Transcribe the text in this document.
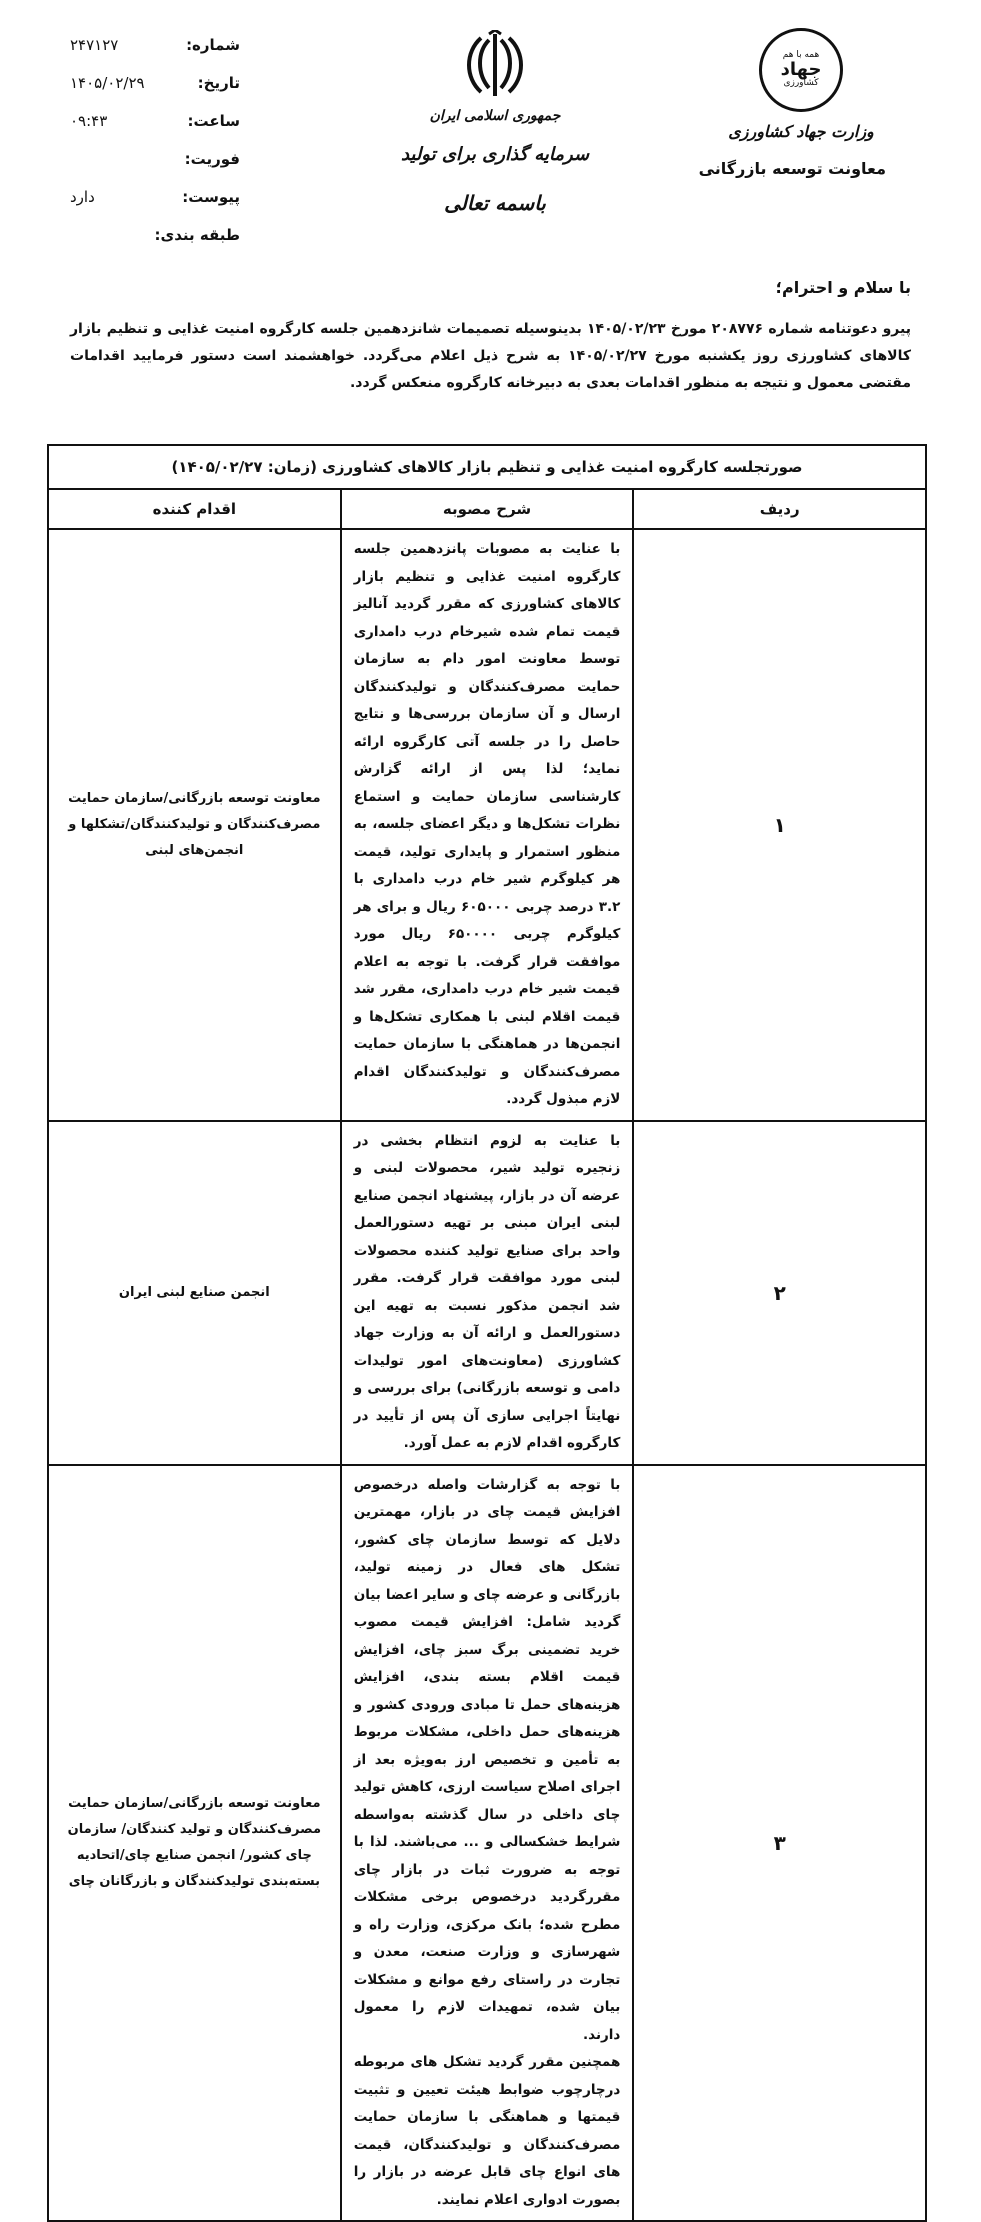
همه با هم
جهاد
کشاورزی
وزارت جهاد کشاورزی
معاونت توسعه بازرگانی
جمهوری اسلامی ایران
سرمایه گذاری برای تولید
باسمه تعالی
شماره:
۲۴۷۱۲۷
تاریخ:
۱۴۰۵/۰۲/۲۹
ساعت:
۰۹:۴۳
فوریت:
پیوست:
دارد
طبقه بندی:
با سلام و احترام؛
پیرو دعوتنامه شماره ۲۰۸۷۷۶ مورخ ۱۴۰۵/۰۲/۲۳ بدینوسیله تصمیمات شانزدهمین جلسه کارگروه امنیت غذایی و تنظیم بازار کالاهای کشاورزی روز یکشنبه مورخ ۱۴۰۵/۰۲/۲۷ به شرح ذیل اعلام می‌گردد. خواهشمند است دستور فرمایید اقدامات مقتضی معمول و نتیجه به منظور اقدامات بعدی به دبیرخانه کارگروه منعکس گردد.
صورتجلسه کارگروه امنیت غذایی و تنظیم بازار کالاهای کشاورزی (زمان: ۱۴۰۵/۰۲/۲۷)		
ردیف	شرح مصوبه	اقدام کننده
۱	با عنایت به مصوبات پانزدهمین جلسه کارگروه امنیت غذایی و تنظیم بازار کالاهای کشاورزی که مقرر گردید آنالیز قیمت تمام شده شیرخام درب دامداری توسط معاونت امور دام به سازمان حمایت مصرف‌کنندگان و تولیدکنندگان ارسال و آن سازمان بررسی‌ها و نتایج حاصل را در جلسه آتی کارگروه ارائه نماید؛ لذا پس از ارائه گزارش کارشناسی سازمان حمایت و استماع نظرات تشکل‌ها و دیگر اعضای جلسه، به منظور استمرار و پایداری تولید، قیمت هر کیلوگرم شیر خام درب دامداری با ۳.۲ درصد چربی ۶۰۵۰۰۰ ریال و برای هر کیلوگرم چربی ۶۵۰۰۰۰ ریال مورد موافقت قرار گرفت. با توجه به اعلام قیمت شیر خام درب دامداری، مقرر شد قیمت اقلام لبنی با همکاری تشکل‌ها و انجمن‌ها در هماهنگی با سازمان حمایت مصرف‌کنندگان و تولیدکنندگان اقدام لازم مبذول گردد.	معاونت توسعه بازرگانی/سازمان حمایت مصرف‌کنندگان و تولیدکنندگان/تشکلها و انجمن‌های لبنی
۲	با عنایت به لزوم انتظام بخشی در زنجیره تولید شیر، محصولات لبنی و عرضه آن در بازار، پیشنهاد انجمن صنایع لبنی ایران مبنی بر تهیه دستورالعمل واحد برای صنایع تولید کننده محصولات لبنی مورد موافقت قرار گرفت. مقرر شد انجمن مذکور نسبت به تهیه این دستورالعمل و ارائه آن به وزارت جهاد کشاورزی (معاونت‌های امور تولیدات دامی و توسعه بازرگانی) برای بررسی و نهایتاً اجرایی سازی آن پس از تأیید در کارگروه اقدام لازم به عمل آورد.	انجمن صنایع لبنی ایران
۳	با توجه به گزارشات واصله درخصوص افزایش قیمت چای در بازار، مهمترین دلایل که توسط سازمان چای کشور، تشکل های فعال در زمینه تولید، بازرگانی و عرضه چای و سایر اعضا بیان گردید شامل: افزایش قیمت مصوب خرید تضمینی برگ سبز چای، افزایش قیمت اقلام بسته بندی، افزایش هزینه‌های حمل تا مبادی ورودی کشور و هزینه‌های حمل داخلی، مشکلات مربوط به تأمین و تخصیص ارز به‌ویژه بعد از اجرای اصلاح سیاست ارزی، کاهش تولید چای داخلی در سال گذشته به‌واسطه شرایط خشکسالی و ... می‌باشند. لذا با توجه به ضرورت ثبات در بازار چای مقررگردید درخصوص برخی مشکلات مطرح شده؛ بانک مرکزی، وزارت راه و شهرسازی و وزارت صنعت، معدن و تجارت در راستای رفع موانع و مشکلات بیان شده، تمهیدات لازم را معمول دارند.

همچنین مقرر گردید تشکل های مربوطه درچارچوب ضوابط هیئت تعیین و تثبیت قیمتها و هماهنگی با سازمان حمایت مصرف‌کنندگان و تولیدکنندگان، قیمت های انواع چای قابل عرضه در بازار را بصورت ادواری اعلام نمایند.	معاونت توسعه بازرگانی/سازمان حمایت مصرف‌کنندگان و تولید کنندگان/ سازمان چای کشور/ انجمن صنایع چای/اتحادیه بسته‌بندی تولیدکنندگان و بازرگانان چای
